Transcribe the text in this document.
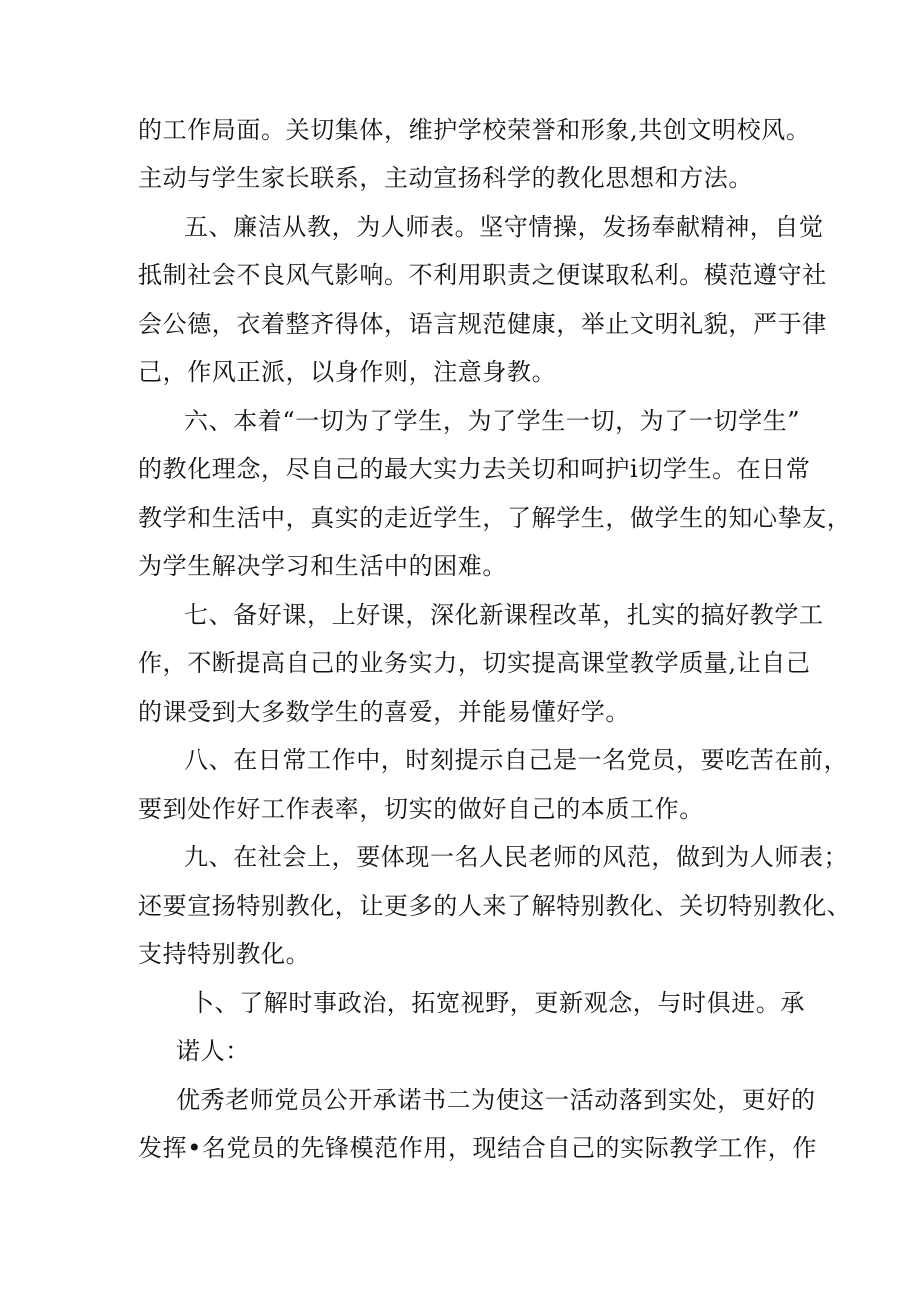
的工作局面。关切集体，维护学校荣誉和形象,共创文明校风。
主动与学生家长联系，主动宣扬科学的教化思想和方法。
五、廉洁从教，为人师表。坚守情操，发扬奉献精神，自觉
抵制社会不良风气影响。不利用职责之便谋取私利。模范遵守社
会公德，衣着整齐得体，语言规范健康，举止文明礼貌，严于律
己，作风正派，以身作则，注意身教。
六、本着“一切为了学生，为了学生一切，为了一切学生”
的教化理念，尽自己的最大实力去关切和呵护i切学生。在日常
教学和生活中，真实的走近学生，了解学生，做学生的知心挚友，
为学生解决学习和生活中的困难。
七、备好课，上好课，深化新课程改革，扎实的搞好教学工
作，不断提高自己的业务实力，切实提高课堂教学质量,让自己
的课受到大多数学生的喜爱，并能易懂好学。
八、在日常工作中，时刻提示自己是一名党员，要吃苦在前，
要到处作好工作表率，切实的做好自己的本质工作。
九、在社会上，要体现一名人民老师的风范，做到为人师表；
还要宣扬特别教化，让更多的人来了解特别教化、关切特别教化、
支持特别教化。
卜、了解时事政治，拓宽视野，更新观念，与时俱进。承
诺人：
优秀老师党员公开承诺书二为使这一活动落到实处，更好的
发挥•名党员的先锋模范作用，现结合自己的实际教学工作，作
